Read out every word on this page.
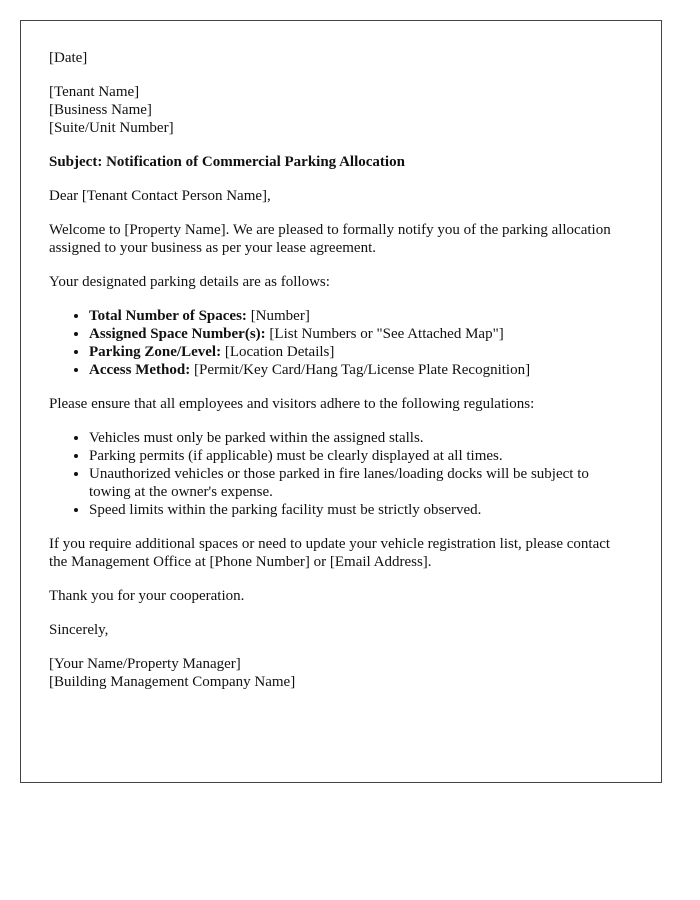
[Date]

[Tenant Name]
[Business Name]
[Suite/Unit Number]

Subject: Notification of Commercial Parking Allocation

Dear [Tenant Contact Person Name],

Welcome to [Property Name]. We are pleased to formally notify you of the parking allocation assigned to your business as per your lease agreement.

Your designated parking details are as follows:

• Total Number of Spaces: [Number]
• Assigned Space Number(s): [List Numbers or "See Attached Map"]
• Parking Zone/Level: [Location Details]
• Access Method: [Permit/Key Card/Hang Tag/License Plate Recognition]

Please ensure that all employees and visitors adhere to the following regulations:

• Vehicles must only be parked within the assigned stalls.
• Parking permits (if applicable) must be clearly displayed at all times.
• Unauthorized vehicles or those parked in fire lanes/loading docks will be subject to towing at the owner's expense.
• Speed limits within the parking facility must be strictly observed.

If you require additional spaces or need to update your vehicle registration list, please contact the Management Office at [Phone Number] or [Email Address].

Thank you for your cooperation.

Sincerely,

[Your Name/Property Manager]
[Building Management Company Name]
